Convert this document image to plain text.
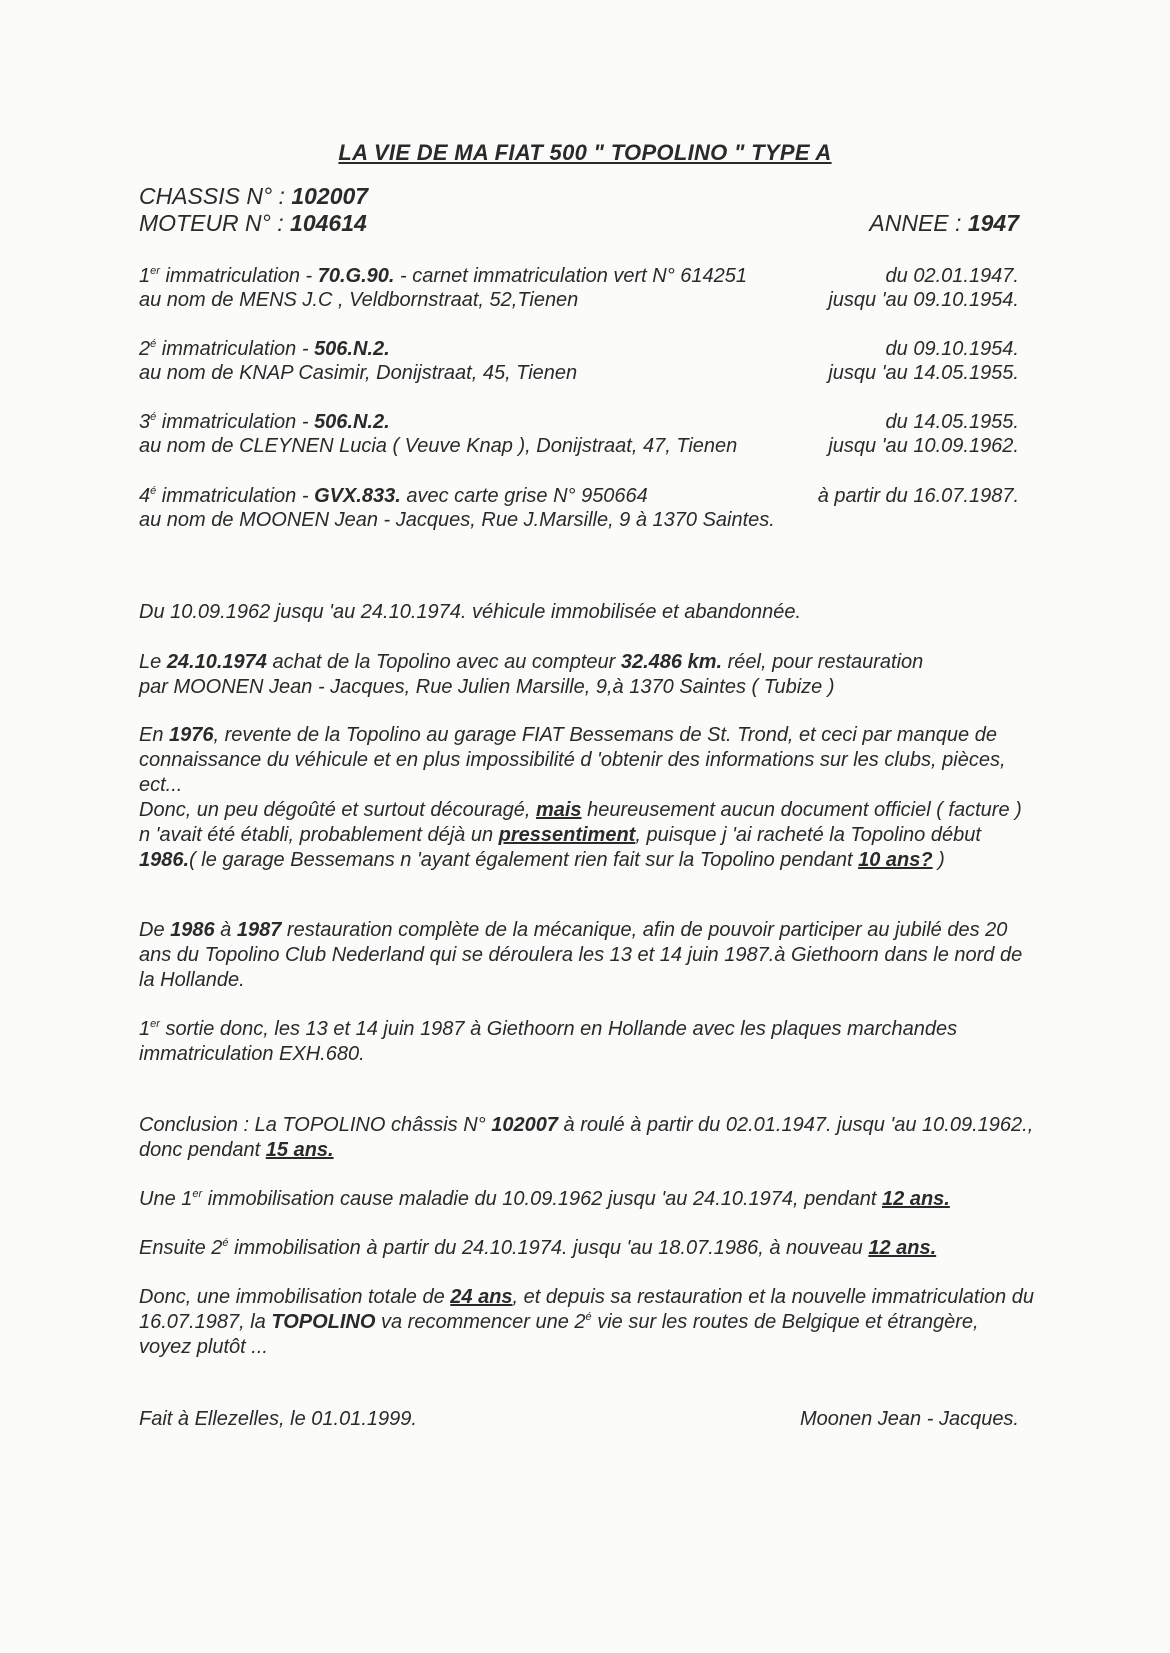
LA VIE DE MA FIAT 500 " TOPOLINO " TYPE A
CHASSIS N° : 102007
MOTEUR N° : 104614	ANNEE : 1947
1er immatriculation - 70.G.90. - carnet immatriculation vert N° 614251	du 02.01.1947.
au nom de MENS J.C , Veldbornstraat, 52,Tienen	jusqu 'au 09.10.1954.
$2^é$ immatriculation - 506.N.2.	du 09.10.1954.
au nom de KNAP Casimir, Donijstraat, 45, Tienen	jusqu 'au 14.05.1955.
$3^é$ immatriculation - 506.N.2.	du 14.05.1955.
au nom de CLEYNEN Lucia ( Veuve Knap ), Donijstraat, 47, Tienen	jusqu 'au 10.09.1962.
$4^é$ immatriculation - GVX.833. avec carte grise N° 950664	à partir du 16.07.1987.
au nom de MOONEN Jean - Jacques, Rue J.Marsille, 9 à 1370 Saintes.
Du 10.09.1962 jusqu 'au 24.10.1974. véhicule immobilisée et abandonnée.
Le 24.10.1974 achat de la Topolino avec au compteur 32.486 km. réel, pour restauration
par MOONEN Jean - Jacques, Rue Julien Marsille, 9,à 1370 Saintes ( Tubize )
En 1976, revente de la Topolino au garage FIAT Bessemans de St. Trond, et ceci par manque de connaissance du véhicule et en plus impossibilité d 'obtenir des informations sur les clubs, pièces, ect...
Donc, un peu dégoûté et surtout découragé, mais heureusement aucun document officiel ( facture ) n 'avait été établi, probablement déjà un pressentiment, puisque j 'ai racheté la Topolino début 1986.( le garage Bessemans n 'ayant également rien fait sur la Topolino pendant 10 ans? )
De 1986 à 1987 restauration complète de la mécanique, afin de pouvoir participer au jubilé des 20 ans du Topolino Club Nederland qui se déroulera les 13 et 14 juin 1987.à Giethoorn dans le nord de la Hollande.
1er sortie donc, les 13 et 14 juin 1987 à Giethoorn en Hollande avec les plaques marchandes immatriculation EXH.680.
Conclusion : La TOPOLINO châssis N° 102007 à roulé à partir du 02.01.1947. jusqu 'au 10.09.1962., donc pendant 15 ans.
Une 1er immobilisation cause maladie du 10.09.1962 jusqu 'au 24.10.1974, pendant 12 ans.
Ensuite $2^é$ immobilisation à partir du 24.10.1974. jusqu 'au 18.07.1986, à nouveau 12 ans.
Donc, une immobilisation totale de 24 ans, et depuis sa restauration et la nouvelle immatriculation du 16.07.1987, la TOPOLINO va recommencer une $2^é$ vie sur les routes de Belgique et étrangère, voyez plutôt ...
Fait à Ellezelles, le 01.01.1999.	Moonen Jean - Jacques.
